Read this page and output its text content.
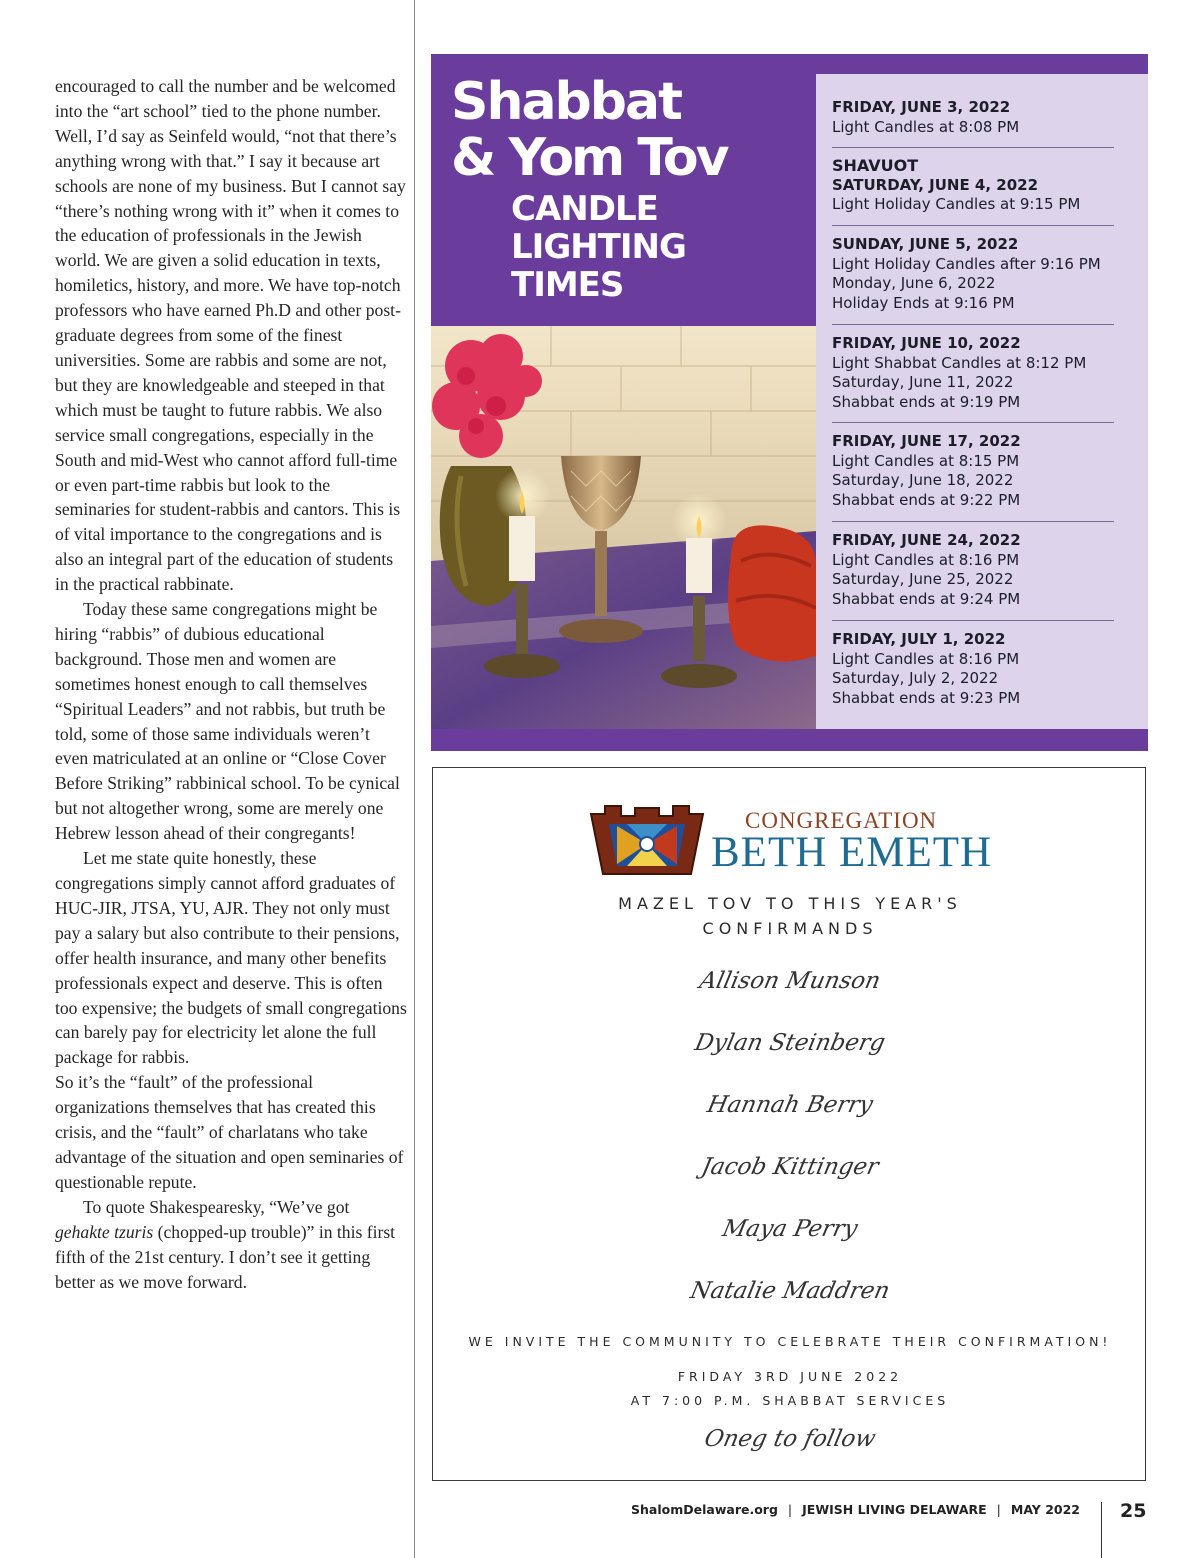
encouraged to call the number and be welcomed into the “art school” tied to the phone number. Well, I’d say as Seinfeld would, “not that there’s anything wrong with that.” I say it because art schools are none of my business. But I cannot say “there’s nothing wrong with it” when it comes to the education of professionals in the Jewish world. We are given a solid education in texts, homiletics, history, and more. We have top-notch professors who have earned Ph.D and other post-graduate degrees from some of the finest universities. Some are rabbis and some are not, but they are knowledgeable and steeped in that which must be taught to future rabbis. We also service small congregations, especially in the South and mid-West who cannot afford full-time or even part-time rabbis but look to the seminaries for student-rabbis and cantors. This is of vital importance to the congregations and is also an integral part of the education of students in the practical rabbinate.

Today these same congregations might be hiring “rabbis” of dubious educational background. Those men and women are sometimes honest enough to call themselves “Spiritual Leaders” and not rabbis, but truth be told, some of those same individuals weren’t even matriculated at an online or “Close Cover Before Striking” rabbinical school. To be cynical but not altogether wrong, some are merely one Hebrew lesson ahead of their congregants!

Let me state quite honestly, these congregations simply cannot afford graduates of HUC-JIR, JTSA, YU, AJR. They not only must pay a salary but also contribute to their pensions, offer health insurance, and many other benefits professionals expect and deserve. This is often too expensive; the budgets of small congregations can barely pay for electricity let alone the full package for rabbis.

So it’s the “fault” of the professional organizations themselves that has created this crisis, and the “fault” of charlatans who take advantage of the situation and open seminaries of questionable repute.

To quote Shakespearesky, “We’ve got gehakte tzuris (chopped-up trouble)” in this first fifth of the 21st century. I don’t see it getting better as we move forward.

Shabbat
& Yom Tov
CANDLE
LIGHTING
TIMES
FRIDAY, JUNE 3, 2022
Light Candles at 8:08 PM
SHAVUOT
SATURDAY, JUNE 4, 2022
Light Holiday Candles at 9:15 PM
SUNDAY, JUNE 5, 2022
Light Holiday Candles after 9:16 PM
Monday, June 6, 2022
Holiday Ends at 9:16 PM
FRIDAY, JUNE 10, 2022
Light Shabbat Candles at 8:12 PM
Saturday, June 11, 2022
Shabbat ends at 9:19 PM
FRIDAY, JUNE 17, 2022
Light Candles at 8:15 PM
Saturday, June 18, 2022
Shabbat ends at 9:22 PM
FRIDAY, JUNE 24, 2022
Light Candles at 8:16 PM
Saturday, June 25, 2022
Shabbat ends at 9:24 PM
FRIDAY, JULY 1, 2022
Light Candles at 8:16 PM
Saturday, July 2, 2022
Shabbat ends at 9:23 PM
CONGREGATION
BETH EMETH
MAZEL TOV TO THIS YEAR'S
CONFIRMANDS
Allison Munson
Dylan Steinberg
Hannah Berry
Jacob Kittinger
Maya Perry
Natalie Maddren
WE INVITE THE COMMUNITY TO CELEBRATE THEIR CONFIRMATION!
FRIDAY 3RD JUNE 2022
AT 7:00 P.M. SHABBAT SERVICES
Oneg to follow
ShalomDelaware.org | JEWISH LIVING DELAWARE | MAY 2022 25
